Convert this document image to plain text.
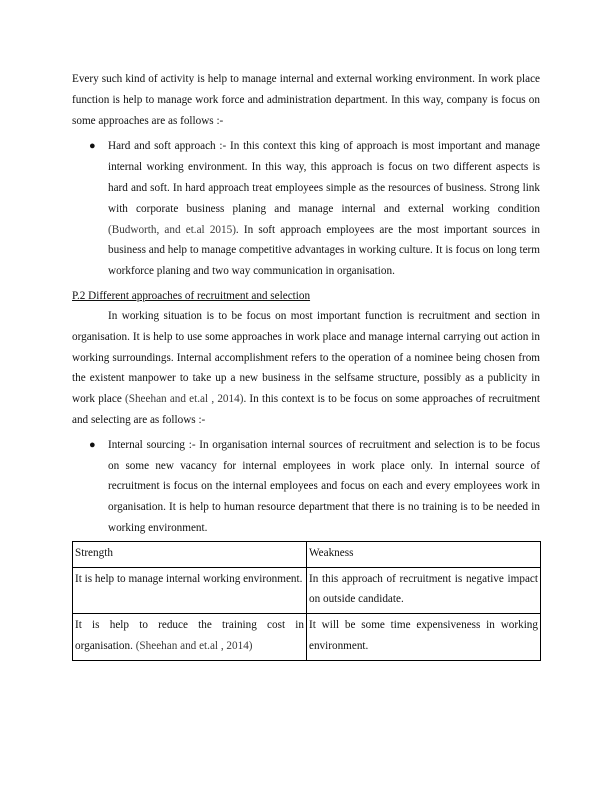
Every such kind of activity is help to manage internal and external working environment. In work place function is help to manage work force and administration department. In this way, company is focus on some approaches are as follows :-

● Hard and soft approach :- In this context this king of approach is most important and manage internal working environment. In this way, this approach is focus on two different aspects is hard and soft. In hard approach treat employees simple as the resources of business. Strong link with corporate business planing and manage internal and external working condition (Budworth, and et.al 2015). In soft approach employees are the most important sources in business and help to manage competitive advantages in working culture. It is focus on long term workforce planing and two way communication in organisation.

P.2 Different approaches of recruitment and selection

In working situation is to be focus on most important function is recruitment and section in organisation. It is help to use some approaches in work place and manage internal carrying out action in working surroundings. Internal accomplishment refers to the operation of a nominee being chosen from the existent manpower to take up a new business in the selfsame structure, possibly as a publicity in work place (Sheehan and et.al , 2014). In this context is to be focus on some approaches of recruitment and selecting are as follows :-

● Internal sourcing :- In organisation internal sources of recruitment and selection is to be focus on some new vacancy for internal employees in work place only. In internal source of recruitment is focus on the internal employees and focus on each and every employees work in organisation. It is help to human resource department that there is no training is to be needed in working environment.
Strength	Weakness
It is help to manage internal working environment.	In this approach of recruitment is negative impact on outside candidate.
It is help to reduce the training cost in organisation. (Sheehan and et.al , 2014)	It will be some time expensiveness in working environment.
